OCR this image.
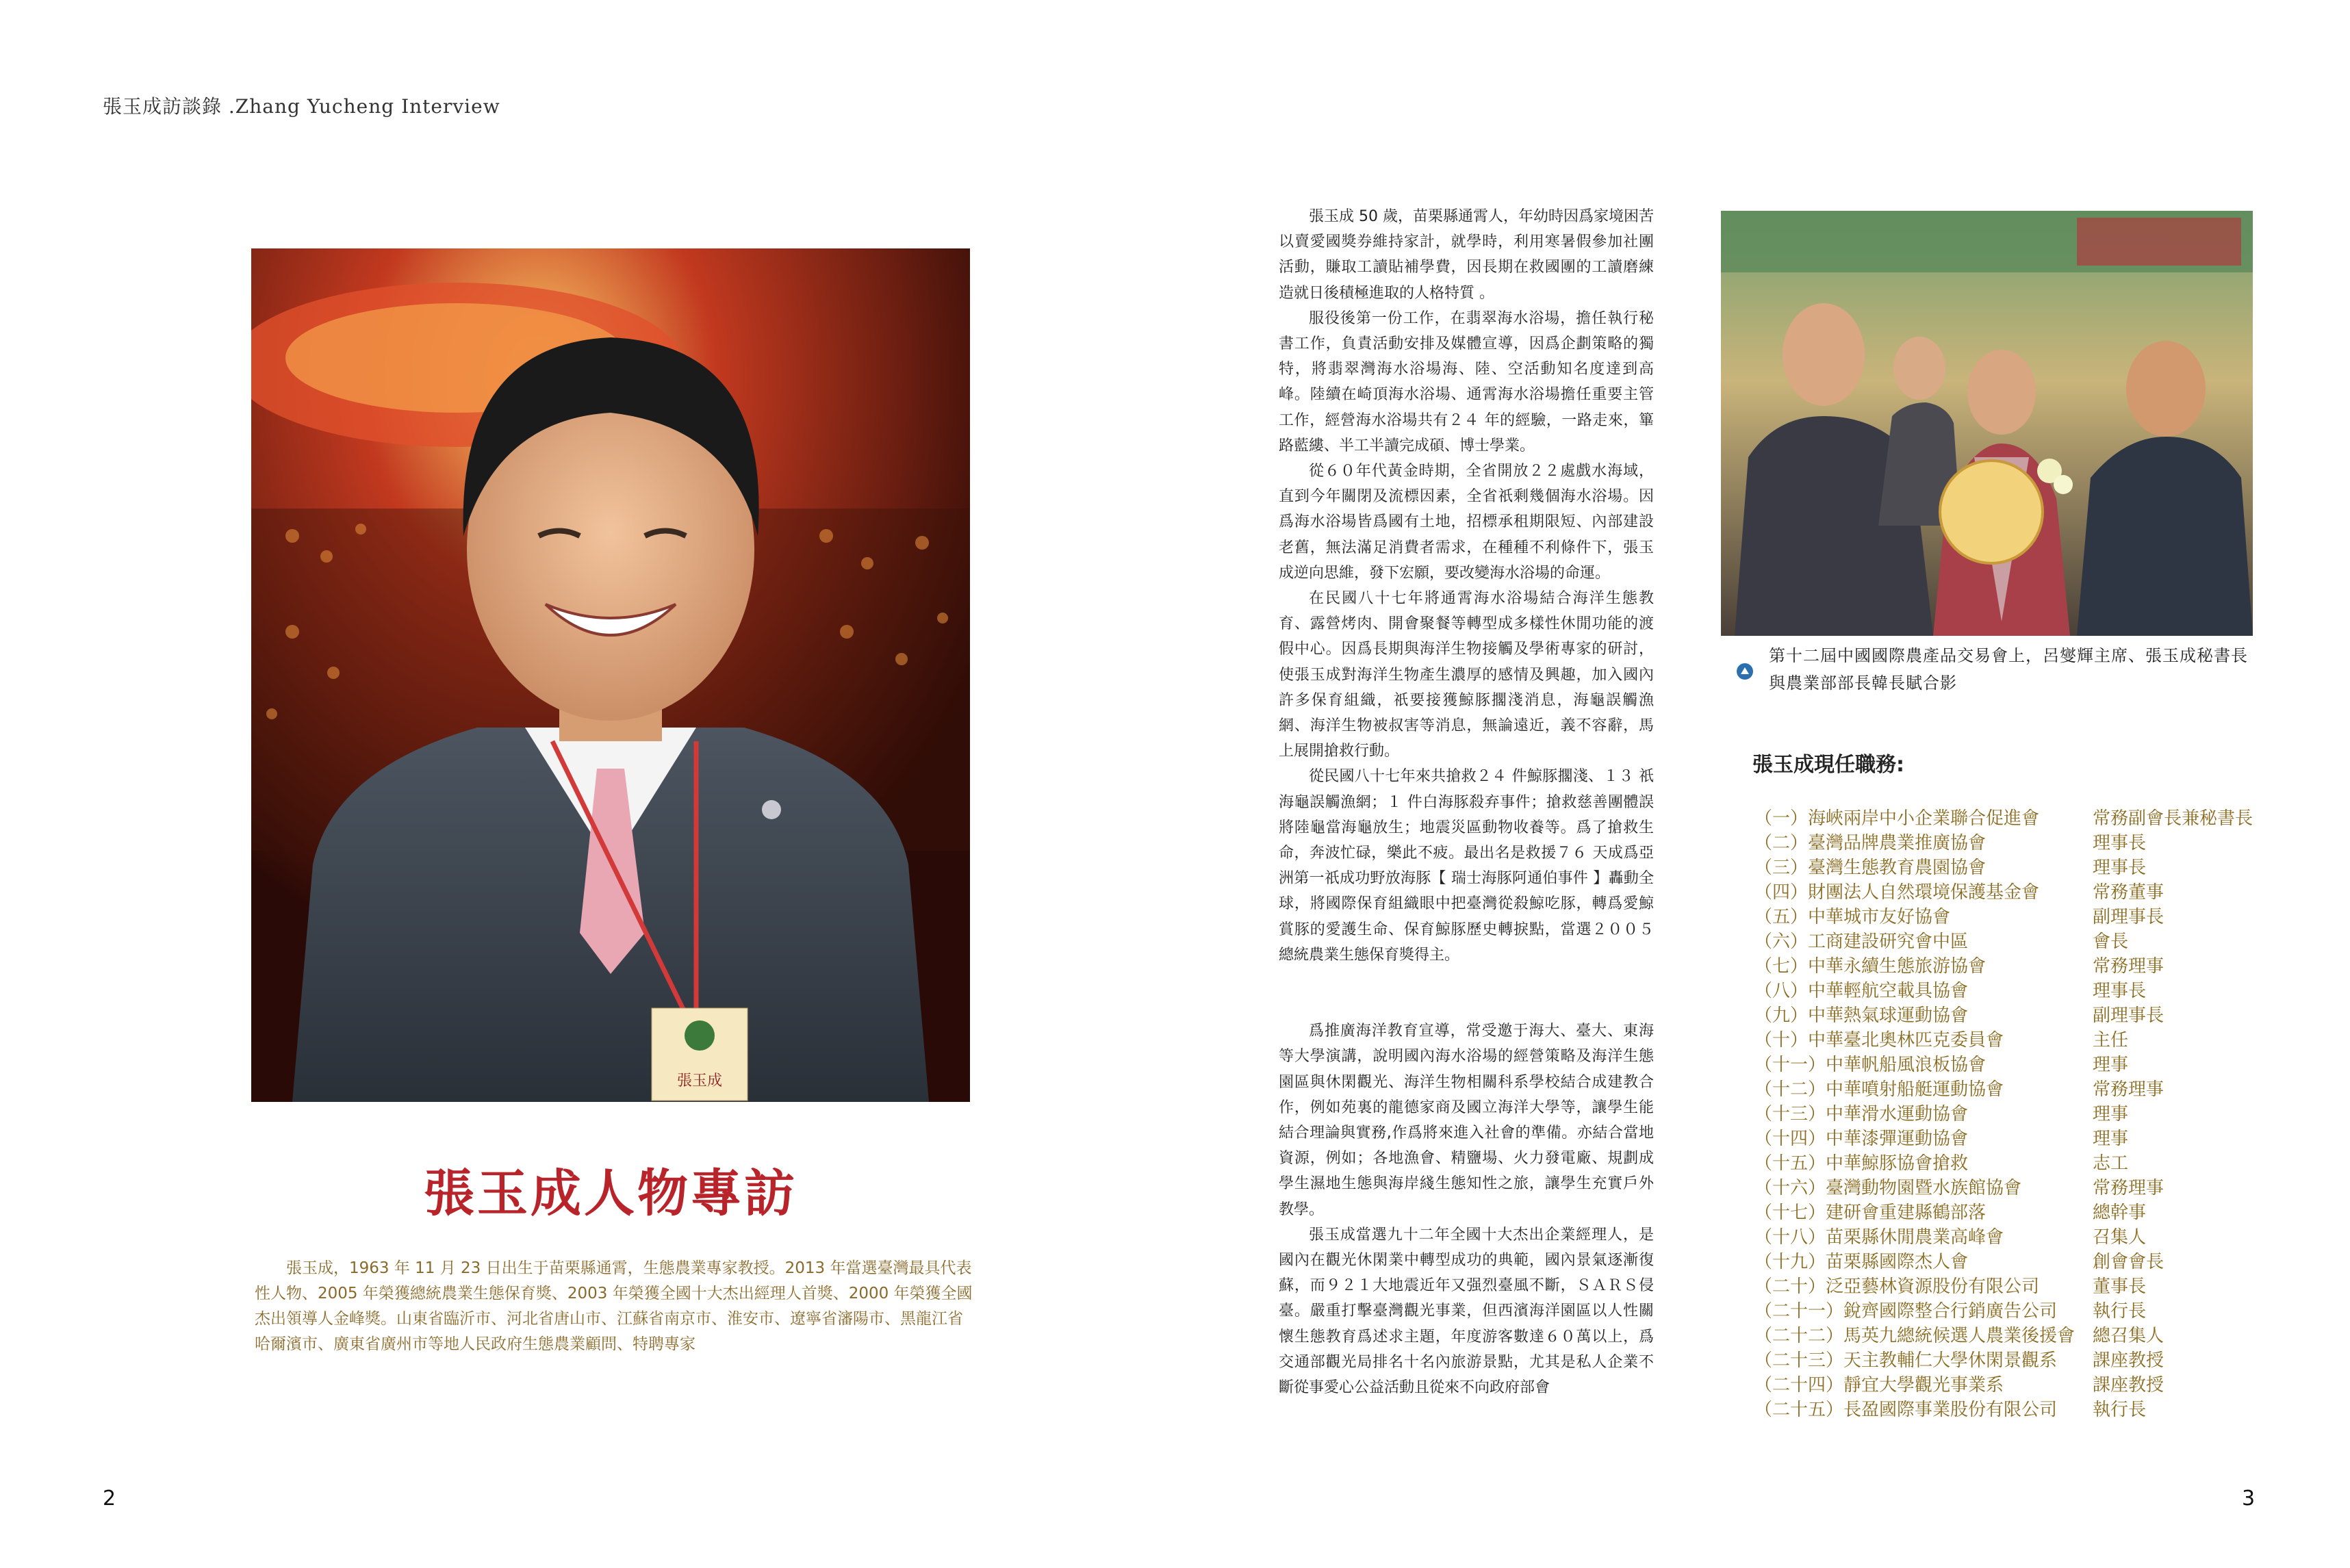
張玉成訪談錄 .Zhang Yucheng Interview
張玉成
張玉成人物專訪
張玉成，1963 年 11 月 23 日出生于苗栗縣通霄，生態農業專家教授。2013 年當選臺灣最具代表性人物、2005 年榮獲總統農業生態保育獎、2003 年榮獲全國十大杰出經理人首獎、2000 年榮獲全國杰出領導人金峰獎。山東省臨沂市、河北省唐山市、江蘇省南京市、淮安市、遼寧省瀋陽市、黑龍江省哈爾濱市、廣東省廣州市等地人民政府生態農業顧問、特聘專家

張玉成 50 歲，苗栗縣通霄人，年幼時因爲家境困苦以賣愛國獎券維持家計，就學時，利用寒暑假參加社團活動，賺取工讀貼補學費，因長期在救國團的工讀磨練造就日後積極進取的人格特質 。

服役後第一份工作，在翡翠海水浴場，擔任執行秘書工作，負責活動安排及媒體宣導，因爲企劃策略的獨特，將翡翠灣海水浴場海、陸、空活動知名度達到高峰。陸續在崎頂海水浴場、通霄海水浴場擔任重要主管工作，經營海水浴場共有２４ 年的經驗，一路走來，篳路藍縷、半工半讀完成碩、博士學業。

從６０年代黃金時期，全省開放２２處戲水海域，直到今年關閉及流標因素，全省祇剩幾個海水浴場。因爲海水浴場皆爲國有土地，招標承租期限短、內部建設老舊，無法滿足消費者需求，在種種不利條件下，張玉成逆向思維，發下宏願，要改變海水浴場的命運。

在民國八十七年將通霄海水浴場結合海洋生態教育、露營烤肉、開會聚餐等轉型成多樣性休閒功能的渡假中心。因爲長期與海洋生物接觸及學術專家的研討，使張玉成對海洋生物產生濃厚的感情及興趣，加入國內許多保育組織，祇要接獲鯨豚擱淺消息，海龜誤觸漁網、海洋生物被叔害等消息，無論遠近，義不容辭，馬上展開搶救行動。

從民國八十七年來共搶救２４ 件鯨豚擱淺、１３ 祇海龜誤觸漁網；１ 件白海豚殺弃事件；搶救慈善團體誤將陸龜當海龜放生；地震災區動物收養等。爲了搶救生命，奔波忙碌，樂此不疲。最出名是救援７６ 天成爲亞洲第一祇成功野放海豚【 瑞士海豚阿通伯事件 】轟動全球，將國際保育組織眼中把臺灣從殺鯨吃豚，轉爲愛鯨賞豚的愛護生命、保育鯨豚歷史轉捩點，當選２００５總統農業生態保育獎得主。

爲推廣海洋教育宣導，常受邀于海大、臺大、東海等大學演講，說明國內海水浴場的經營策略及海洋生態園區與休閑觀光、海洋生物相關科系學校結合成建教合作，例如苑裏的龍德家商及國立海洋大學等，讓學生能結合理論與實務,作爲將來進入社會的準備。亦結合當地資源，例如；各地漁會、精鹽場、火力發電廠、規劃成學生濕地生態與海岸綫生態知性之旅，讓學生充實戶外教學。

張玉成當選九十二年全國十大杰出企業經理人，是國內在觀光休閑業中轉型成功的典範，國內景氣逐漸復蘇，而９２１大地震近年又强烈臺風不斷，ＳＡＲＳ侵臺。嚴重打擊臺灣觀光事業，但西濱海洋園區以人性關懷生態教育爲述求主題，年度游客數達６０萬以上，爲交通部觀光局排名十名內旅游景點，尤其是私人企業不斷從事愛心公益活動且從來不向政府部會

第十二屆中國國際農產品交易會上，呂燮輝主席、張玉成秘書長與農業部部長韓長賦合影
張玉成現任職務:
（一）海峽兩岸中小企業聯合促進會	常務副會長兼秘書長
（二）臺灣品牌農業推廣協會	理事長
（三）臺灣生態教育農園協會	理事長
（四）財團法人自然環境保護基金會	常務董事
（五）中華城市友好協會	副理事長
（六）工商建設研究會中區	會長
（七）中華永續生態旅游協會	常務理事
（八）中華輕航空載具協會	理事長
（九）中華熱氣球運動協會	副理事長
（十）中華臺北奧林匹克委員會	主任
（十一）中華帆船風浪板協會	理事
（十二）中華噴射船艇運動協會	常務理事
（十三）中華滑水運動協會	理事
（十四）中華漆彈運動協會	理事
（十五）中華鯨豚協會搶救	志工
（十六）臺灣動物園暨水族館協會	常務理事
（十七）建研會重建縣鶴部落	總幹事
（十八）苗栗縣休閒農業高峰會	召集人
（十九）苗栗縣國際杰人會	創會會長
（二十）泛亞藝林資源股份有限公司	董事長
（二十一）銳齊國際整合行銷廣告公司 執行長
（二十二）馬英九總統候選人農業後援會 總召集人
（二十三）天主教輔仁大學休閑景觀系 課座教授
（二十四）靜宜大學觀光事業系	課座教授
（二十五）長盈國際事業股份有限公司 執行長
2	3
